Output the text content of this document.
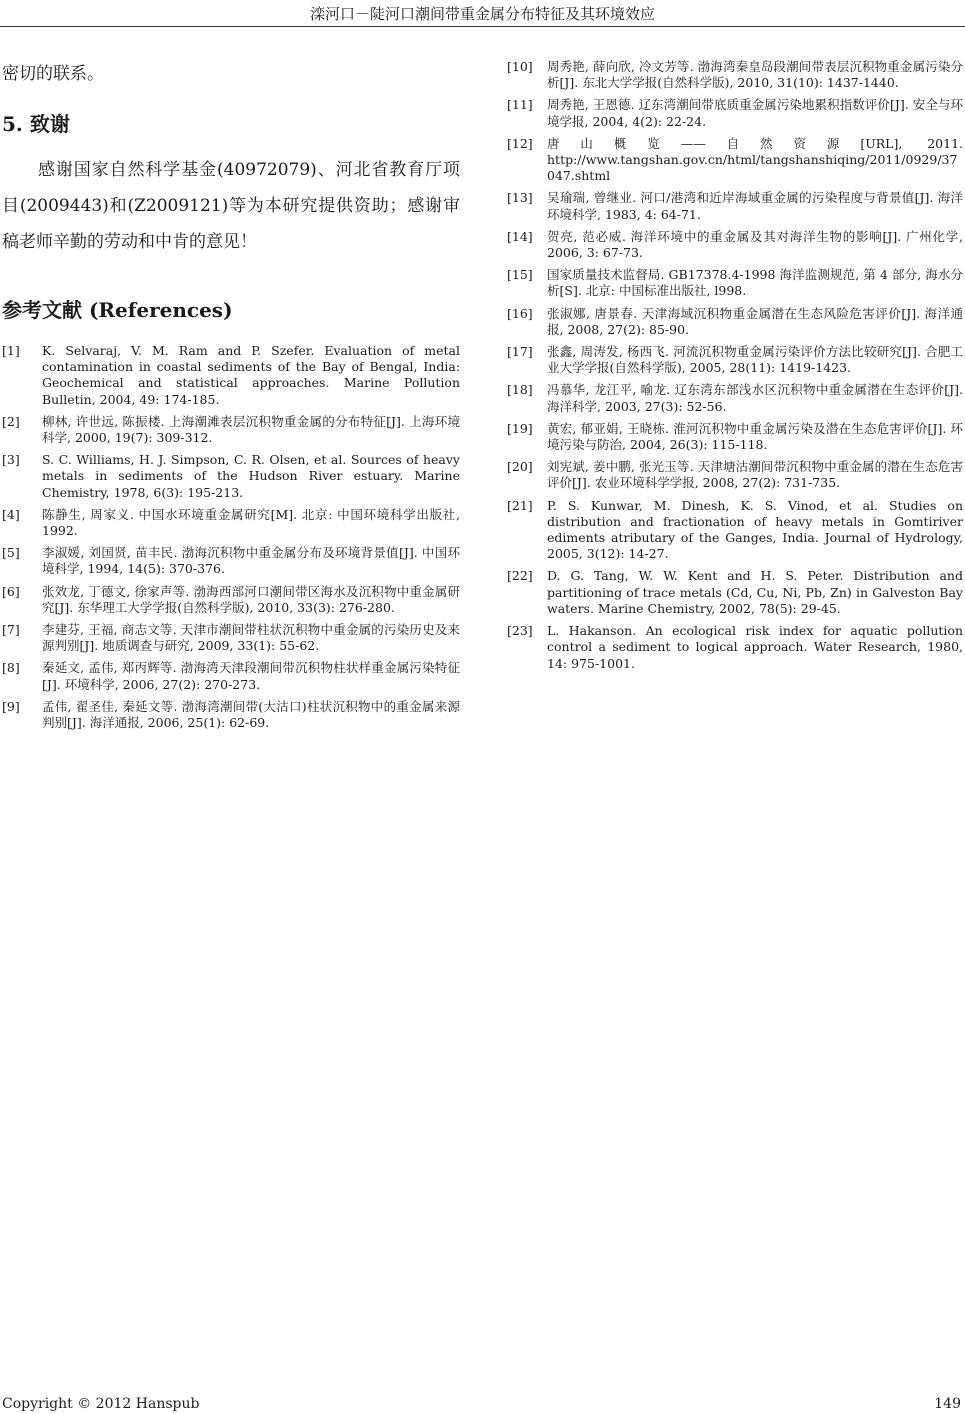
滦河口－陡河口潮间带重金属分布特征及其环境效应
密切的联系。
5. 致谢
感谢国家自然科学基金(40972079)、河北省教育厅项目(2009443)和(Z2009121)等为本研究提供资助；感谢审稿老师辛勤的劳动和中肯的意见！
参考文献 (References)
[1] K. Selvaraj, V. M. Ram and P. Szefer. Evaluation of metal contamination in coastal sediments of the Bay of Bengal, India: Geochemical and statistical approaches. Marine Pollution Bulletin, 2004, 49: 174-185.
[2] 柳林, 许世远, 陈振楼. 上海潮滩表层沉积物重金属的分布特征[J]. 上海环境科学, 2000, 19(7): 309-312.
[3] S. C. Williams, H. J. Simpson, C. R. Olsen, et al. Sources of heavy metals in sediments of the Hudson River estuary. Marine Chemistry, 1978, 6(3): 195-213.
[4] 陈静生, 周家义. 中国水环境重金属研究[M]. 北京: 中国环境科学出版社, 1992.
[5] 李淑媛, 刘国贤, 苗丰民. 渤海沉积物中重金属分布及环境背景值[J]. 中国环境科学, 1994, 14(5): 370-376.
[6] 张效龙, 丁德文, 徐家声等. 渤海西部河口潮间带区海水及沉积物中重金属研究[J]. 东华理工大学学报(自然科学版), 2010, 33(3): 276-280.
[7] 李建芬, 王福, 商志文等. 天津市潮间带柱状沉积物中重金属的污染历史及来源判别[J]. 地质调查与研究, 2009, 33(1): 55-62.
[8] 秦延文, 孟伟, 郑丙辉等. 渤海湾天津段潮间带沉积物柱状样重金属污染特征[J]. 环境科学, 2006, 27(2): 270-273.
[9] 孟伟, 翟圣佳, 秦延文等. 渤海湾潮间带(大沽口)柱状沉积物中的重金属来源判别[J]. 海洋通报, 2006, 25(1): 62-69.
[10] 周秀艳, 薛向欣, 冷文芳等. 渤海湾秦皇岛段潮间带表层沉积物重金属污染分析[J]. 东北大学学报(自然科学版), 2010, 31(10): 1437-1440.
[11] 周秀艳, 王恩德. 辽东湾潮间带底质重金属污染地累积指数评价[J]. 安全与环境学报, 2004, 4(2): 22-24.
[12] 唐山概览——自然资源[URL], 2011. http://www.tangshan.gov.cn/html/tangshanshiqing/2011/0929/37047.shtml
[13] 吴瑜瑞, 曾继业. 河口/港湾和近岸海域重金属的污染程度与背景值[J]. 海洋环境科学, 1983, 4: 64-71.
[14] 贺亮, 范必威. 海洋环境中的重金属及其对海洋生物的影响[J]. 广州化学, 2006, 3: 67-73.
[15] 国家质量技术监督局. GB17378.4-1998 海洋监测规范, 第 4 部分, 海水分析[S]. 北京: 中国标准出版社, l998.
[16] 张淑娜, 唐景春. 天津海域沉积物重金属潜在生态风险危害评价[J]. 海洋通报, 2008, 27(2): 85-90.
[17] 张鑫, 周涛发, 杨西飞. 河流沉积物重金属污染评价方法比较研究[J]. 合肥工业大学学报(自然科学版), 2005, 28(11): 1419-1423.
[18] 冯慕华, 龙江平, 喻龙. 辽东湾东部浅水区沉积物中重金属潜在生态评价[J]. 海洋科学, 2003, 27(3): 52-56.
[19] 黄宏, 郁亚娟, 王晓栋. 淮河沉积物中重金属污染及潜在生态危害评价[J]. 环境污染与防治, 2004, 26(3): 115-118.
[20] 刘宪斌, 姜中鹏, 张光玉等. 天津塘沽潮间带沉积物中重金属的潜在生态危害评价[J]. 农业环境科学学报, 2008, 27(2): 731-735.
[21] P. S. Kunwar, M. Dinesh, K. S. Vinod, et al. Studies on distribution and fractionation of heavy metals in Gomtiriver ediments atributary of the Ganges, India. Journal of Hydrology, 2005, 3(12): 14-27.
[22] D. G. Tang, W. W. Kent and H. S. Peter. Distribution and partitioning of trace metals (Cd, Cu, Ni, Pb, Zn) in Galveston Bay waters. Marine Chemistry, 2002, 78(5): 29-45.
[23] L. Hakanson. An ecological risk index for aquatic pollution control a sediment to logical approach. Water Research, 1980, 14: 975-1001.
Copyright © 2012 Hanspub	149
